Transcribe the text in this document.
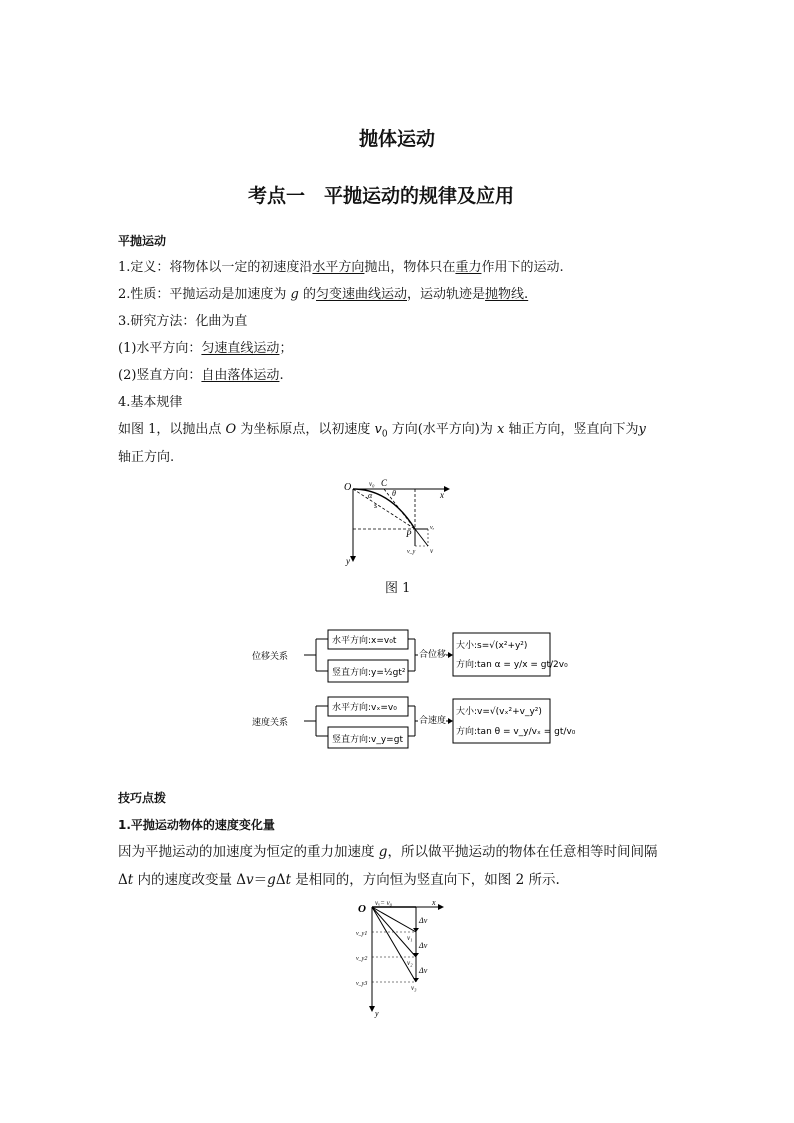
抛体运动
考点一　平抛运动的规律及应用
平抛运动
1.定义：将物体以一定的初速度沿水平方向抛出，物体只在重力作用下的运动.
2.性质：平抛运动是加速度为 g 的匀变速曲线运动，运动轨迹是抛物线.
3.研究方法：化曲为直
(1)水平方向：匀速直线运动；
(2)竖直方向：自由落体运动.
4.基本规律
如图 1，以抛出点 O 为坐标原点，以初速度 $v_0$ 方向(水平方向)为 x 轴正方向，竖直向下为y
轴正方向.
O
x
y
C
v₀
θ
α
s
P
vₓ
v_y v
图 1
位移关系
水平方向:x=v₀t
竖直方向:y=½gt²
合位移
大小:s=√(x²+y²)
方向:tan α = y/x = gt/2v₀
速度关系
水平方向:vₓ=v₀
竖直方向:v_y=gt
合速度
大小:v=√(vₓ²+v_y²)
方向:tan θ = v_y/vₓ = gt/v₀
技巧点拨
1.平抛运动物体的速度变化量
因为平抛运动的加速度为恒定的重力加速度 g，所以做平抛运动的物体在任意相等时间间隔
Δt 内的速度改变量 Δv＝gΔt 是相同的，方向恒为竖直向下，如图 2 所示.
O
x
y
vₓ= v₀
Δv
Δv
Δv
v_y1
v_y2
v_y3
v₁
v₂
v₃
